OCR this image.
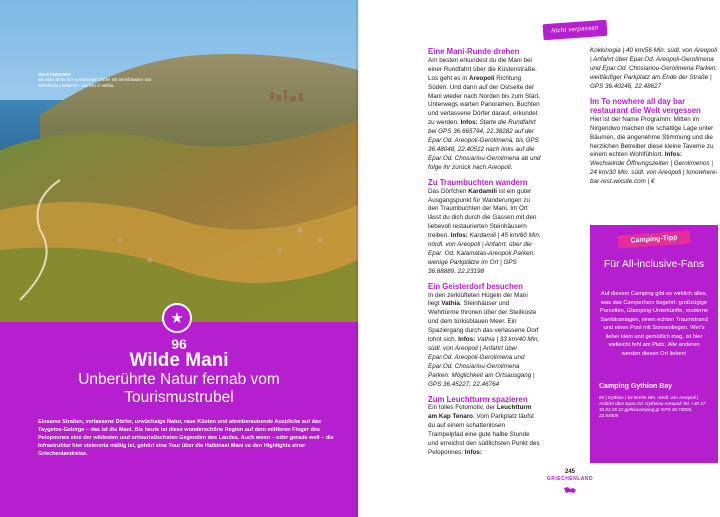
GEISTERDORF
Wo Mani ist für ihre verlassenen Dörfer mit Steinhäusern und Wehrtürmen bekannt – wie hier in Vathia.
★
96
Wilde Mani
Unberührte Natur fernab vom Tourismustrubel
Einsame Straßen, verlassene Dörfer, urwüchsige Natur, raue Küsten und atemberaubende Ausblicke auf das Taygetos-Gebirge – das ist die Mani. Bis heute ist diese wunderschöne Region auf dem mittleren Finger des Peloponnes eine der wildesten und untouristischsten Gegenden des Landes. Auch wenn – oder gerade weil – die Infrastruktur hier vielerorts mäßig ist, gehört eine Tour über die Halbinsel Mani zu den Highlights einer Griechenlandreise.
Nicht verpassen
Eine Mani-Runde drehen

Am besten erkundest du die Mani bei einer Rundfahrt über die Küstenstraße. Los geht es in Areopoli Richtung Süden. Und dann auf der Ostseite der Mani wieder nach Norden bis zum Start. Unterwegs warten Panoramen, Buchten und verlassene Dörfer darauf, erkundet zu werden. Infos: Starte die Rundfahrt bei GPS 36.665794, 22.38282 auf der Epar.Od. Areopoli-Gerolimena, bis GPS 36.48048, 22.40512 nach links auf die Epar.Od. Chosiariou-Gerolimena ab und folge ihr zurück nach Areopoli.

Zu Traumbuchten wandern

Das Dörfchen Kardamili ist ein guter Ausgangspunkt für Wanderungen zu den Traumbuchten der Mani. Im Ort lässt du dich durch die Gassen mit den liebevoll restaurierten Steinhäusern treiben. Infos: Kardamili | 45 km/60 Min. nördl. von Areopoli | Anfahrt: über die Epar. Od. Kalamatas-Areopoli Parken: wenige Parkplätze im Ort | GPS 36.88889, 22.23198

Ein Geisterdorf besuchen

In den zerklüfteten Hügeln der Mani liegt Vathia. Steinhäuser und Wehrtürme thronen über der Steilküste und dem türkisblauen Meer. Ein Spaziergang durch das verlassene Dorf lohnt sich. Infos: Vathia | 33 km/40 Min. südl. von Areopoli | Anfahrt über Epar.Od. Areopoli-Gerolimena und Epar.Od. Chosiariou-Gerolimena Parken: Möglichkeit am Ortsausgang | GPS 36.45227, 22.46764

Zum Leuchtturm spazieren

Ein tolles Fotomotiv, der Leuchtturm am Kap Tenaro. Vom Parkplatz läufst du auf einem schattenlosen Trampelpfad eine gute halbe Stunde und erreichst den südlichsten Punkt des Peloponnes. Infos:

Kokkinogia | 40 km/56 Min. südl. von Areopoli | Anfahrt über Epar.Od. Areopoli-Gerolimena und Epar.Od. Chosiariou-Gerolimena Parken: weitläufiger Parkplatz am Ende der Straße | GPS 36.40246, 22.48627

Im To nowhere all day bar restaurant die Welt vergessen

Hier ist der Name Programm: Mitten im Nirgendwo machen die schattige Lage unter Bäumen, die angenehme Stimmung und die herzlichen Betreiber diese kleine Taverne zu einem echten Wohlfühlort. Infos: Wechselnde Öffnungszeiten | Gerolimenos | 24 km/30 Min. südl. von Areopoli | tonowhere-bar-rest.wixsite.com | €

Camping-Tipp
Für All-inclusive-Fans
Auf diesem Camping gibt es wirklich alles, was das Camperherz begehrt: großzügige Parzellen, Glamping-Unterkünfte, moderne Sanitäranlagen, einen echten Traumstrand und einen Pool mit Sonnenliegen. Wer's lieber klein und gemütlich mag, ist hier vielleicht fehl am Platz. Alle anderen werden diesen Ort lieben!
Camping Gythion Bay
€€ | Gythion | 53 km/55 Min. nördl. von Areopoli | Anfahrt über Epar.Od. Gytheiou Areopoli Tel. +30 27 33 02 25 22 gythiocamping.gr GPS 36.73003, 22.54505
245
GRIECHENLAND
